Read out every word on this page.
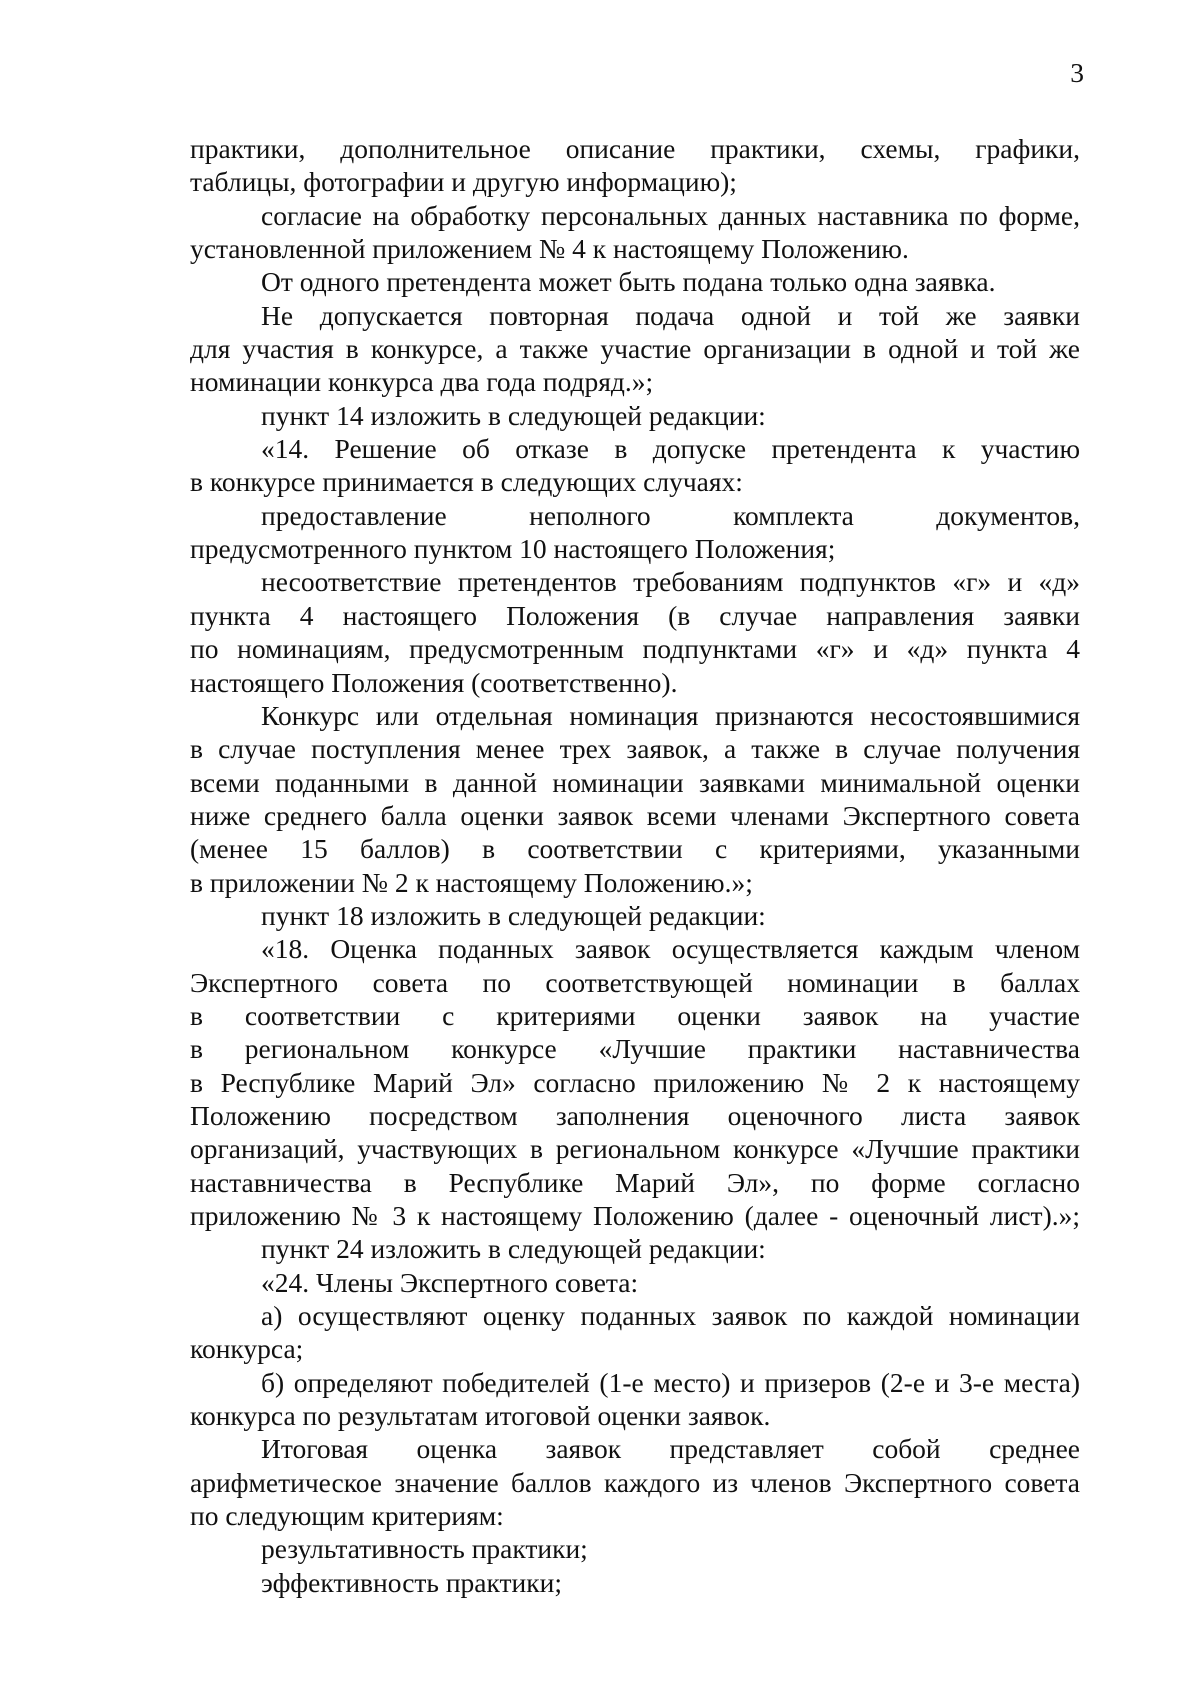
3
практики, дополнительное описание практики, схемы, графики,
таблицы, фотографии и другую информацию);
согласие на обработку персональных данных наставника по форме,
установленной приложением № 4 к настоящему Положению.
От одного претендента может быть подана только одна заявка.
Не допускается повторная подача одной и той же заявки
для участия в конкурсе, а также участие организации в одной и той же
номинации конкурса два года подряд.»;
пункт 14 изложить в следующей редакции:
«14. Решение об отказе в допуске претендента к участию
в конкурсе принимается в следующих случаях:
предоставление неполного комплекта документов,
предусмотренного пунктом 10 настоящего Положения;
несоответствие претендентов требованиям подпунктов «г» и «д»
пункта 4 настоящего Положения (в случае направления заявки
по номинациям, предусмотренным подпунктами «г» и «д» пункта 4
настоящего Положения (соответственно).
Конкурс или отдельная номинация признаются несостоявшимися
в случае поступления менее трех заявок, а также в случае получения
всеми поданными в данной номинации заявками минимальной оценки
ниже среднего балла оценки заявок всеми членами Экспертного совета
(менее 15 баллов) в соответствии с критериями, указанными
в приложении № 2 к настоящему Положению.»;
пункт 18 изложить в следующей редакции:
«18. Оценка поданных заявок осуществляется каждым членом
Экспертного совета по соответствующей номинации в баллах
в соответствии с критериями оценки заявок на участие
в региональном конкурсе «Лучшие практики наставничества
в Республике Марий Эл» согласно приложению № 2 к настоящему
Положению посредством заполнения оценочного листа заявок
организаций, участвующих в региональном конкурсе «Лучшие практики
наставничества в Республике Марий Эл», по форме согласно
приложению № 3 к настоящему Положению (далее - оценочный лист).»;
пункт 24 изложить в следующей редакции:
«24. Члены Экспертного совета:
а) осуществляют оценку поданных заявок по каждой номинации
конкурса;
б) определяют победителей (1-е место) и призеров (2-е и 3-е места)
конкурса по результатам итоговой оценки заявок.
Итоговая оценка заявок представляет собой среднее
арифметическое значение баллов каждого из членов Экспертного совета
по следующим критериям:
результативность практики;
эффективность практики;
